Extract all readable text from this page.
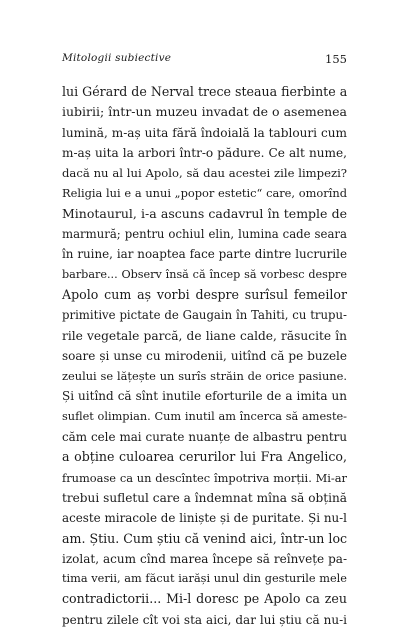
Mitologii subiective	155
lui Gérard de Nerval trece steaua fierbinte a
iubirii; într-un muzeu invadat de o asemenea
lumină, m-aș uita fără îndoială la tablouri cum
m-aș uita la arbori într-o pădure. Ce alt nume,
dacă nu al lui Apolo, să dau acestei zile limpezi?
Religia lui e a unui „popor estetic“ care, omorînd
Minotaurul, i-a ascuns cadavrul în temple de
marmură; pentru ochiul elin, lumina cade seara
în ruine, iar noaptea face parte dintre lucrurile
barbare... Observ însă că încep să vorbesc despre
Apolo cum aș vorbi despre surîsul femeilor
primitive pictate de Gaugain în Tahiti, cu trupu-
rile vegetale parcă, de liane calde, răsucite în
soare și unse cu mirodenii, uitînd că pe buzele
zeului se lățește un surîs străin de orice pasiune.
Și uitînd că sînt inutile eforturile de a imita un
suflet olimpian. Cum inutil am încerca să ameste-
căm cele mai curate nuanțe de albastru pentru
a obține culoarea cerurilor lui Fra Angelico,
frumoase ca un descîntec împotriva morții. Mi-ar
trebui sufletul care a îndemnat mîna să obțină
aceste miracole de liniște și de puritate. Și nu-l
am. Știu. Cum știu că venind aici, într-un loc
izolat, acum cînd marea începe să reînvețe pa-
tima verii, am făcut iarăși unul din gesturile mele
contradictorii... Mi-l doresc pe Apolo ca zeu
pentru zilele cît voi sta aici, dar lui știu că nu-i
